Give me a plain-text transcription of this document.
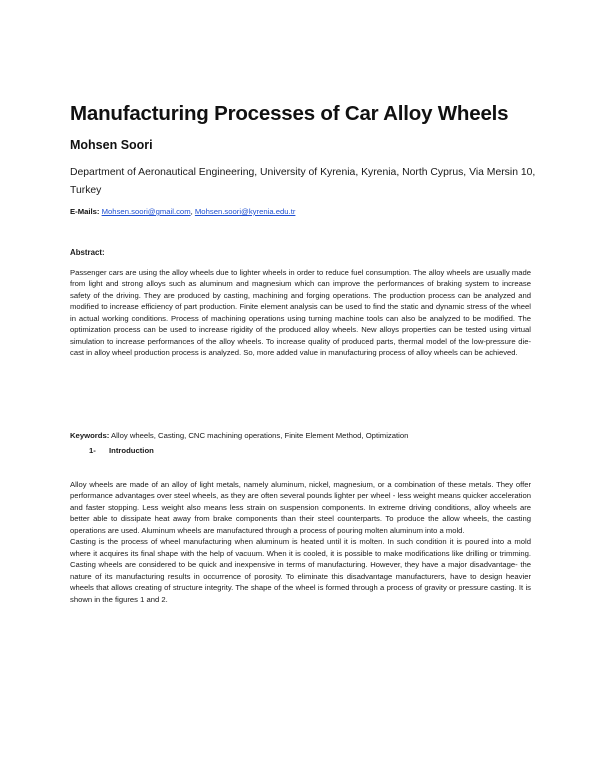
Manufacturing Processes of Car Alloy Wheels
Mohsen Soori
Department of Aeronautical Engineering, University of Kyrenia, Kyrenia, North Cyprus, Via Mersin 10, Turkey
E-Mails: Mohsen.soori@gmail.com, Mohsen.soori@kyrenia.edu.tr
Abstract:
Passenger cars are using the alloy wheels due to lighter wheels in order to reduce fuel consumption. The alloy wheels are usually made from light and strong alloys such as aluminum and magnesium which can improve the performances of braking system to increase safety of the driving. They are produced by casting, machining and forging operations. The production process can be analyzed and modified to increase efficiency of part production. Finite element analysis can be used to find the static and dynamic stress of the wheel in actual working conditions. Process of machining operations using turning machine tools can also be analyzed to be modified. The optimization process can be used to increase rigidity of the produced alloy wheels. New alloys properties can be tested using virtual simulation to increase performances of the alloy wheels. To increase quality of produced parts, thermal model of the low-pressure die-cast in alloy wheel production process is analyzed. So, more added value in manufacturing process of alloy wheels can be achieved.
Keywords: Alloy wheels, Casting, CNC machining operations, Finite Element Method, Optimization
1- Introduction

Alloy wheels are made of an alloy of light metals, namely aluminum, nickel, magnesium, or a combination of these metals. They offer performance advantages over steel wheels, as they are often several pounds lighter per wheel - less weight means quicker acceleration and faster stopping. Less weight also means less strain on suspension components. In extreme driving conditions, alloy wheels are better able to dissipate heat away from brake components than their steel counterparts. To produce the allow wheels, the casting operations are used. Aluminum wheels are manufactured through a process of pouring molten aluminum into a mold.

Casting is the process of wheel manufacturing when aluminum is heated until it is molten. In such condition it is poured into a mold where it acquires its final shape with the help of vacuum. When it is cooled, it is possible to make modifications like drilling or trimming. Casting wheels are considered to be quick and inexpensive in terms of manufacturing. However, they have a major disadvantage- the nature of its manufacturing results in occurrence of porosity. To eliminate this disadvantage manufacturers, have to design heavier wheels that allows creating of structure integrity. The shape of the wheel is formed through a process of gravity or pressure casting. It is shown in the figures 1 and 2.
